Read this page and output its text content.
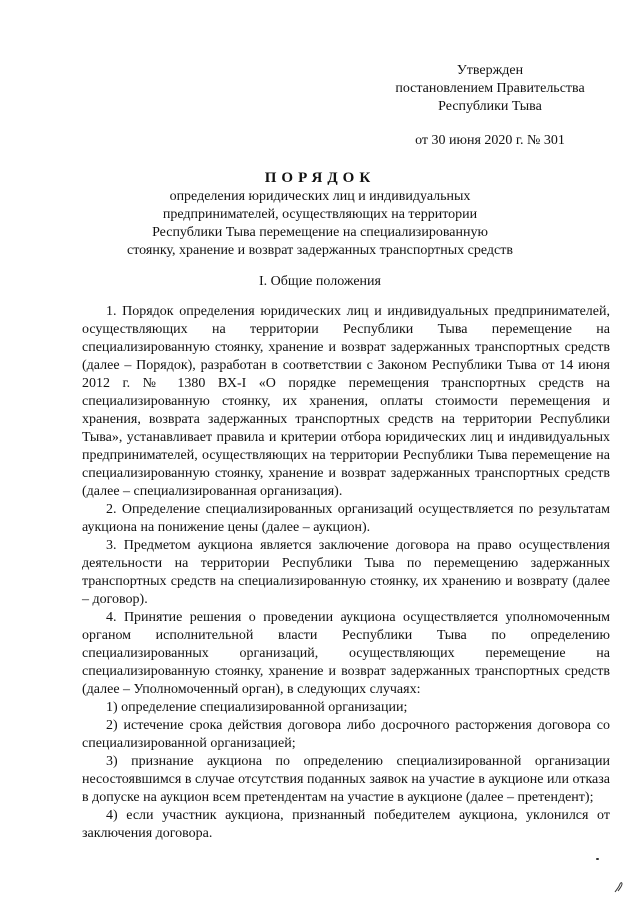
Утвержден
постановлением Правительства
Республики Тыва
от 30 июня 2020 г. № 301
ПОРЯДОК
определения юридических лиц и индивидуальных
предпринимателей, осуществляющих на территории
Республики Тыва перемещение на специализированную
стоянку, хранение и возврат задержанных транспортных средств
I. Общие положения

1. Порядок определения юридических лиц и индивидуальных предпринимателей, осуществляющих на территории Республики Тыва перемещение на специализированную стоянку, хранение и возврат задержанных транспортных средств (далее – Порядок), разработан в соответствии с Законом Республики Тыва от 14 июня 2012 г. № 1380 ВХ-I «О порядке перемещения транспортных средств на специализированную стоянку, их хранения, оплаты стоимости перемещения и хранения, возврата задержанных транспортных средств на территории Республики Тыва», устанавливает правила и критерии отбора юридических лиц и индивидуальных предпринимателей, осуществляющих на территории Республики Тыва перемещение на специализированную стоянку, хранение и возврат задержанных транспортных средств (далее – специализированная организация).

2. Определение специализированных организаций осуществляется по результатам аукциона на понижение цены (далее – аукцион).

3. Предметом аукциона является заключение договора на право осуществления деятельности на территории Республики Тыва по перемещению задержанных транспортных средств на специализированную стоянку, их хранению и возврату (далее – договор).

4. Принятие решения о проведении аукциона осуществляется уполномоченным органом исполнительной власти Республики Тыва по определению специализированных организаций, осуществляющих перемещение на специализированную стоянку, хранение и возврат задержанных транспортных средств (далее – Уполномоченный орган), в следующих случаях:

1) определение специализированной организации;

2) истечение срока действия договора либо досрочного расторжения договора со специализированной организацией;

3) признание аукциона по определению специализированной организации несостоявшимся в случае отсутствия поданных заявок на участие в аукционе или отказа в допуске на аукцион всем претендентам на участие в аукционе (далее – претендент);

4) если участник аукциона, признанный победителем аукциона, уклонился от заключения договора.
